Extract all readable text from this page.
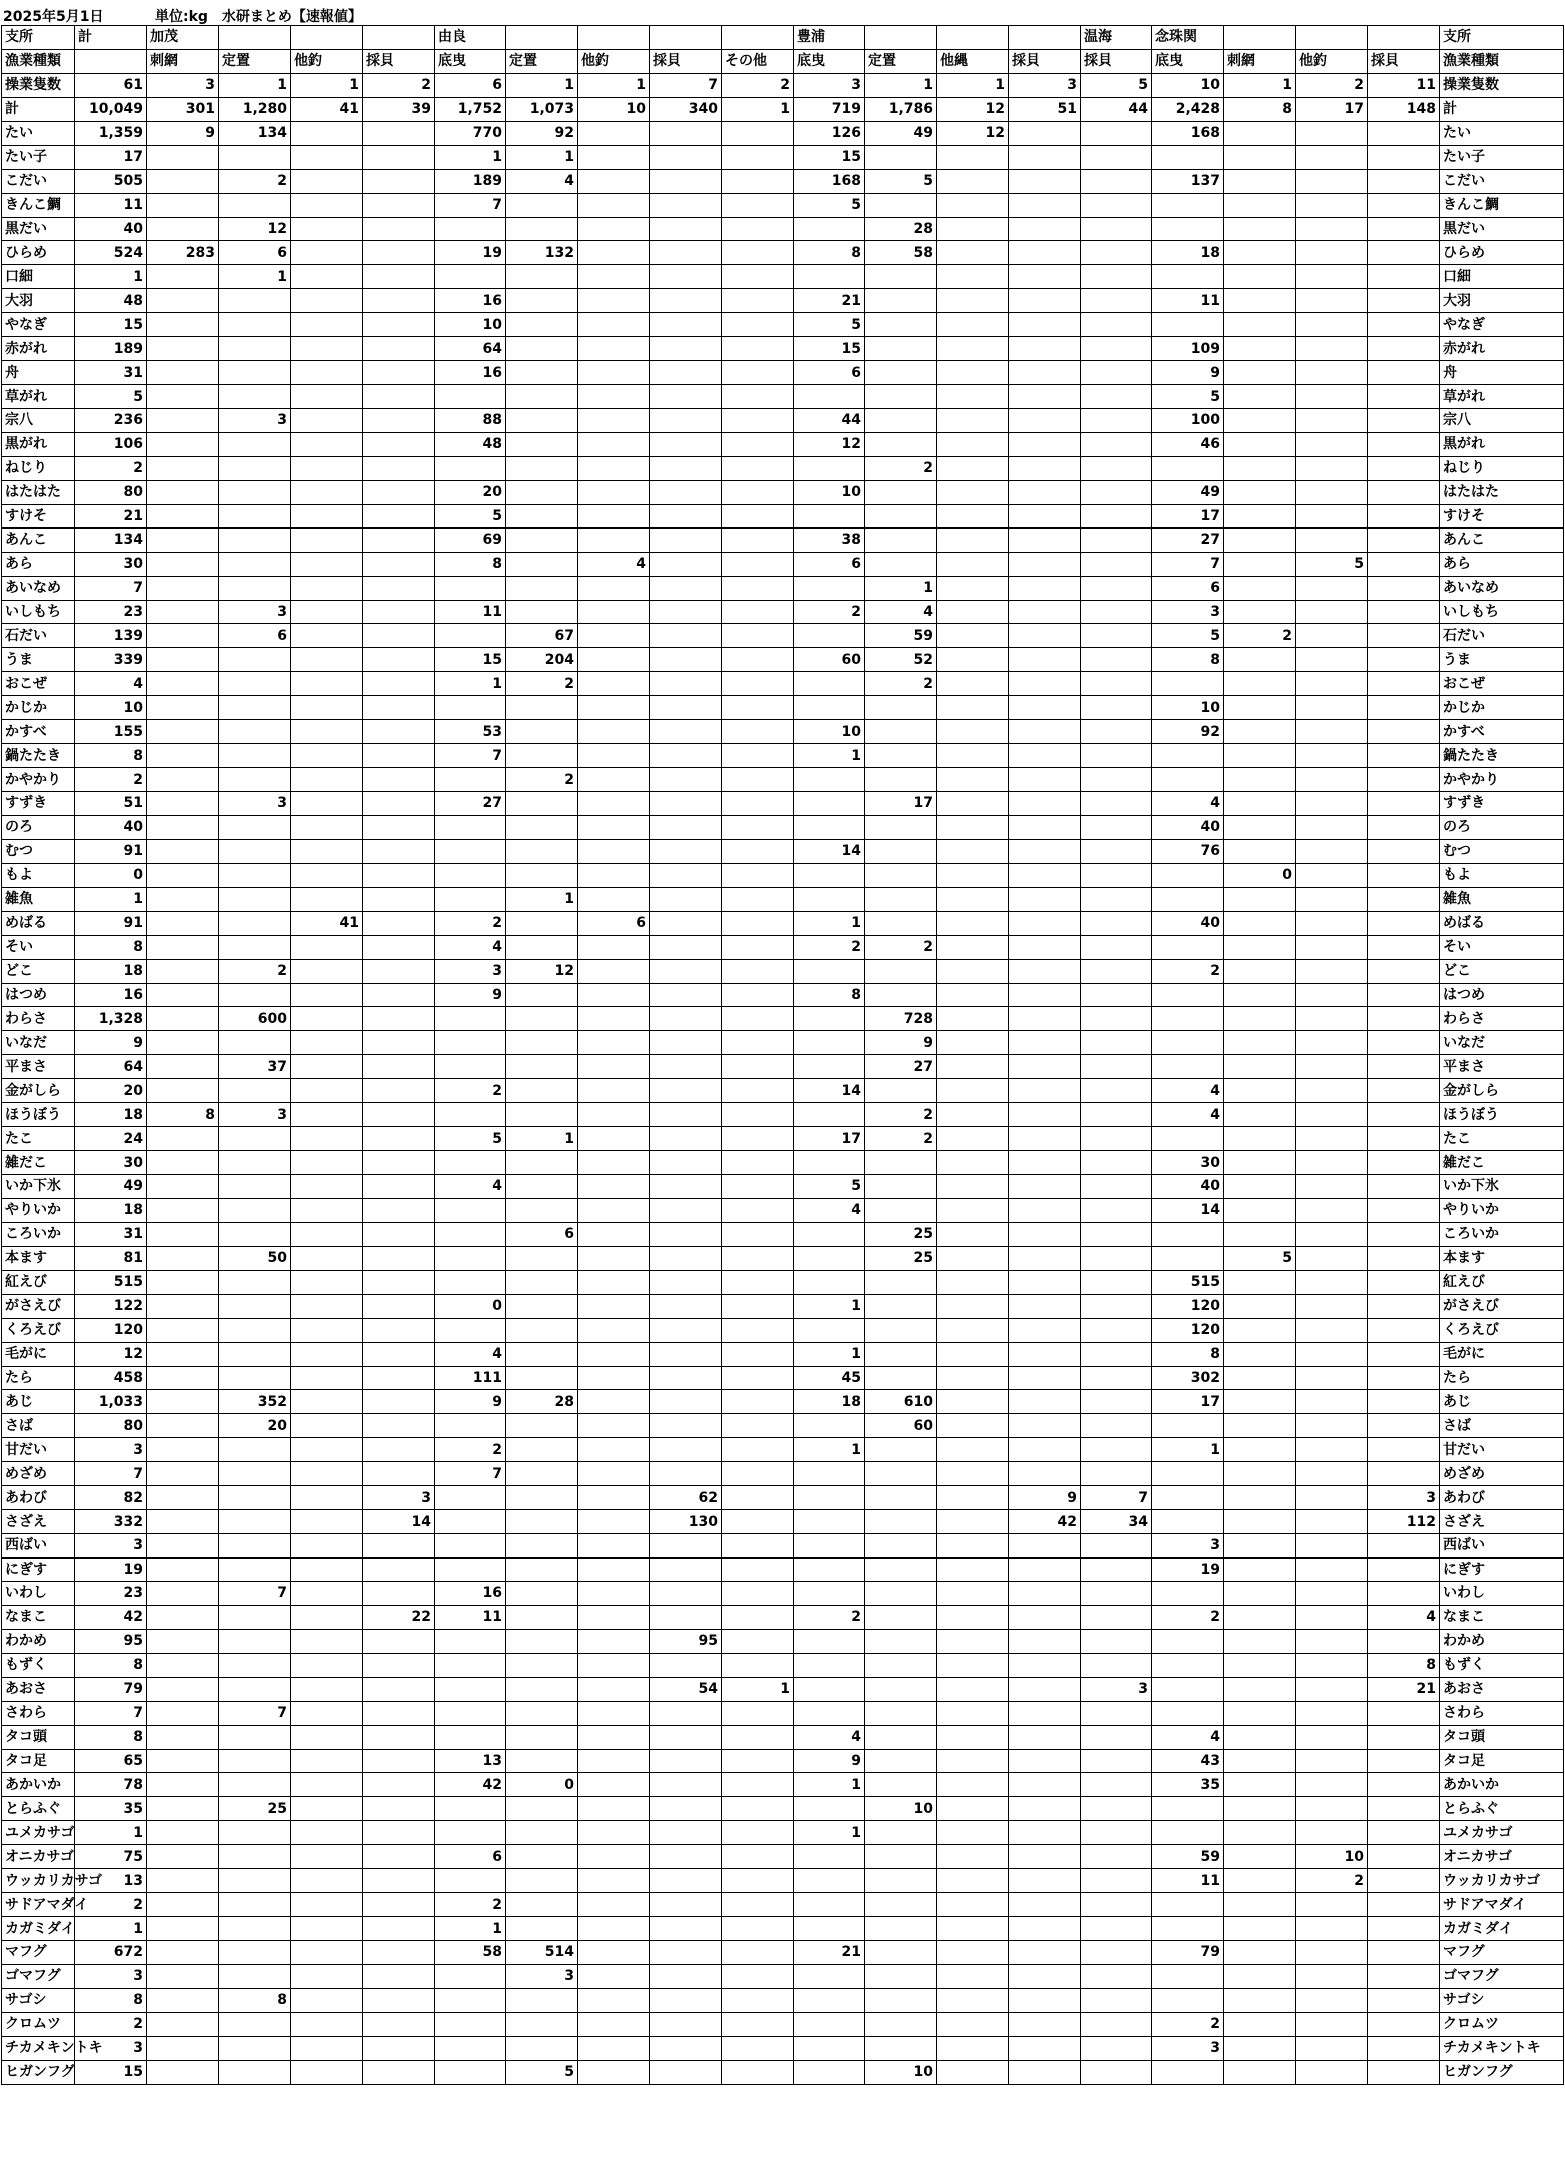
2025年5月1日	単位:kg　水研まとめ【速報値】
支所	計	加茂				由良					豊浦				温海	念珠関				支所
漁業種類		刺網	定置	他釣	採貝	底曳	定置	他釣	採貝	その他	底曳	定置	他縄	採貝	採貝	底曳	刺網	他釣	採貝	漁業種類
操業隻数	61	3	1	1	2	6	1	1	7	2	3	1	1	3	5	10	1	2	11	操業隻数
計	10,049	301	1,280	41	39	1,752	1,073	10	340	1	719	1,786	12	51	44	2,428	8	17	148	計
たい	1,359	9	134			770	92				126	49	12			168				たい
たい子	17					1	1				15									たい子
こだい	505		2			189	4				168	5				137				こだい
きんこ鯛	11					7					5									きんこ鯛
黒だい	40		12									28								黒だい
ひらめ	524	283	6			19	132				8	58				18				ひらめ
口細	1		1																	口細
大羽	48					16					21					11				大羽
やなぎ	15					10					5									やなぎ
赤がれ	189					64					15					109				赤がれ
舟	31					16					6					9				舟
草がれ	5															5				草がれ
宗八	236		3			88					44					100				宗八
黒がれ	106					48					12					46				黒がれ
ねじり	2											2								ねじり
はたはた	80					20					10					49				はたはた
すけそ	21					5										17				すけそ
あんこ	134					69					38					27				あんこ
あら	30					8		4			6					7		5		あら
あいなめ	7											1				6				あいなめ
いしもち	23		3			11					2	4				3				いしもち
石だい	139		6				67					59				5	2			石だい
うま	339					15	204				60	52				8				うま
おこぜ	4					1	2					2								おこぜ
かじか	10															10				かじか
かすべ	155					53					10					92				かすべ
鍋たたき	8					7					1									鍋たたき
かやかり	2						2													かやかり
すずき	51		3			27						17				4				すずき
のろ	40															40				のろ
むつ	91										14					76				むつ
もよ	0																0			もよ
雑魚	1						1													雑魚
めばる	91			41		2		6			1					40				めばる
そい	8					4					2	2								そい
どこ	18		2			3	12									2				どこ
はつめ	16					9					8									はつめ
わらさ	1,328		600									728								わらさ
いなだ	9											9								いなだ
平まさ	64		37									27								平まさ
金がしら	20					2					14					4				金がしら
ほうぼう	18	8	3									2				4				ほうぼう
たこ	24					5	1				17	2								たこ
雑だこ	30															30				雑だこ
いか下氷	49					4					5					40				いか下氷
やりいか	18										4					14				やりいか
ころいか	31						6					25								ころいか
本ます	81		50									25					5			本ます
紅えび	515															515				紅えび
がさえび	122					0					1					120				がさえび
くろえび	120															120				くろえび
毛がに	12					4					1					8				毛がに
たら	458					111					45					302				たら
あじ	1,033		352			9	28				18	610				17				あじ
さば	80		20									60								さば
甘だい	3					2					1					1				甘だい
めざめ	7					7														めざめ
あわび	82				3				62					9	7				3	あわび
さざえ	332				14				130					42	34				112	さざえ
西ばい	3															3				西ばい
にぎす	19															19				にぎす
いわし	23		7			16														いわし
なまこ	42				22	11					2					2			4	なまこ
わかめ	95								95											わかめ
もずく	8																		8	もずく
あおさ	79								54	1					3				21	あおさ
さわら	7		7																	さわら
タコ頭	8										4					4				タコ頭
タコ足	65					13					9					43				タコ足
あかいか	78					42	0				1					35				あかいか
とらふぐ	35		25									10								とらふぐ
ユメカサゴ	1										1									ユメカサゴ
オニカサゴ	75					6										59		10		オニカサゴ
ウッカリカサゴ	13															11		2		ウッカリカサゴ
サドアマダイ	2					2														サドアマダイ
カガミダイ	1					1														カガミダイ
マフグ	672					58	514				21					79				マフグ
ゴマフグ	3						3													ゴマフグ
サゴシ	8		8																	サゴシ
クロムツ	2															2				クロムツ
チカメキントキ	3															3				チカメキントキ
ヒガンフグ	15						5					10								ヒガンフグ
